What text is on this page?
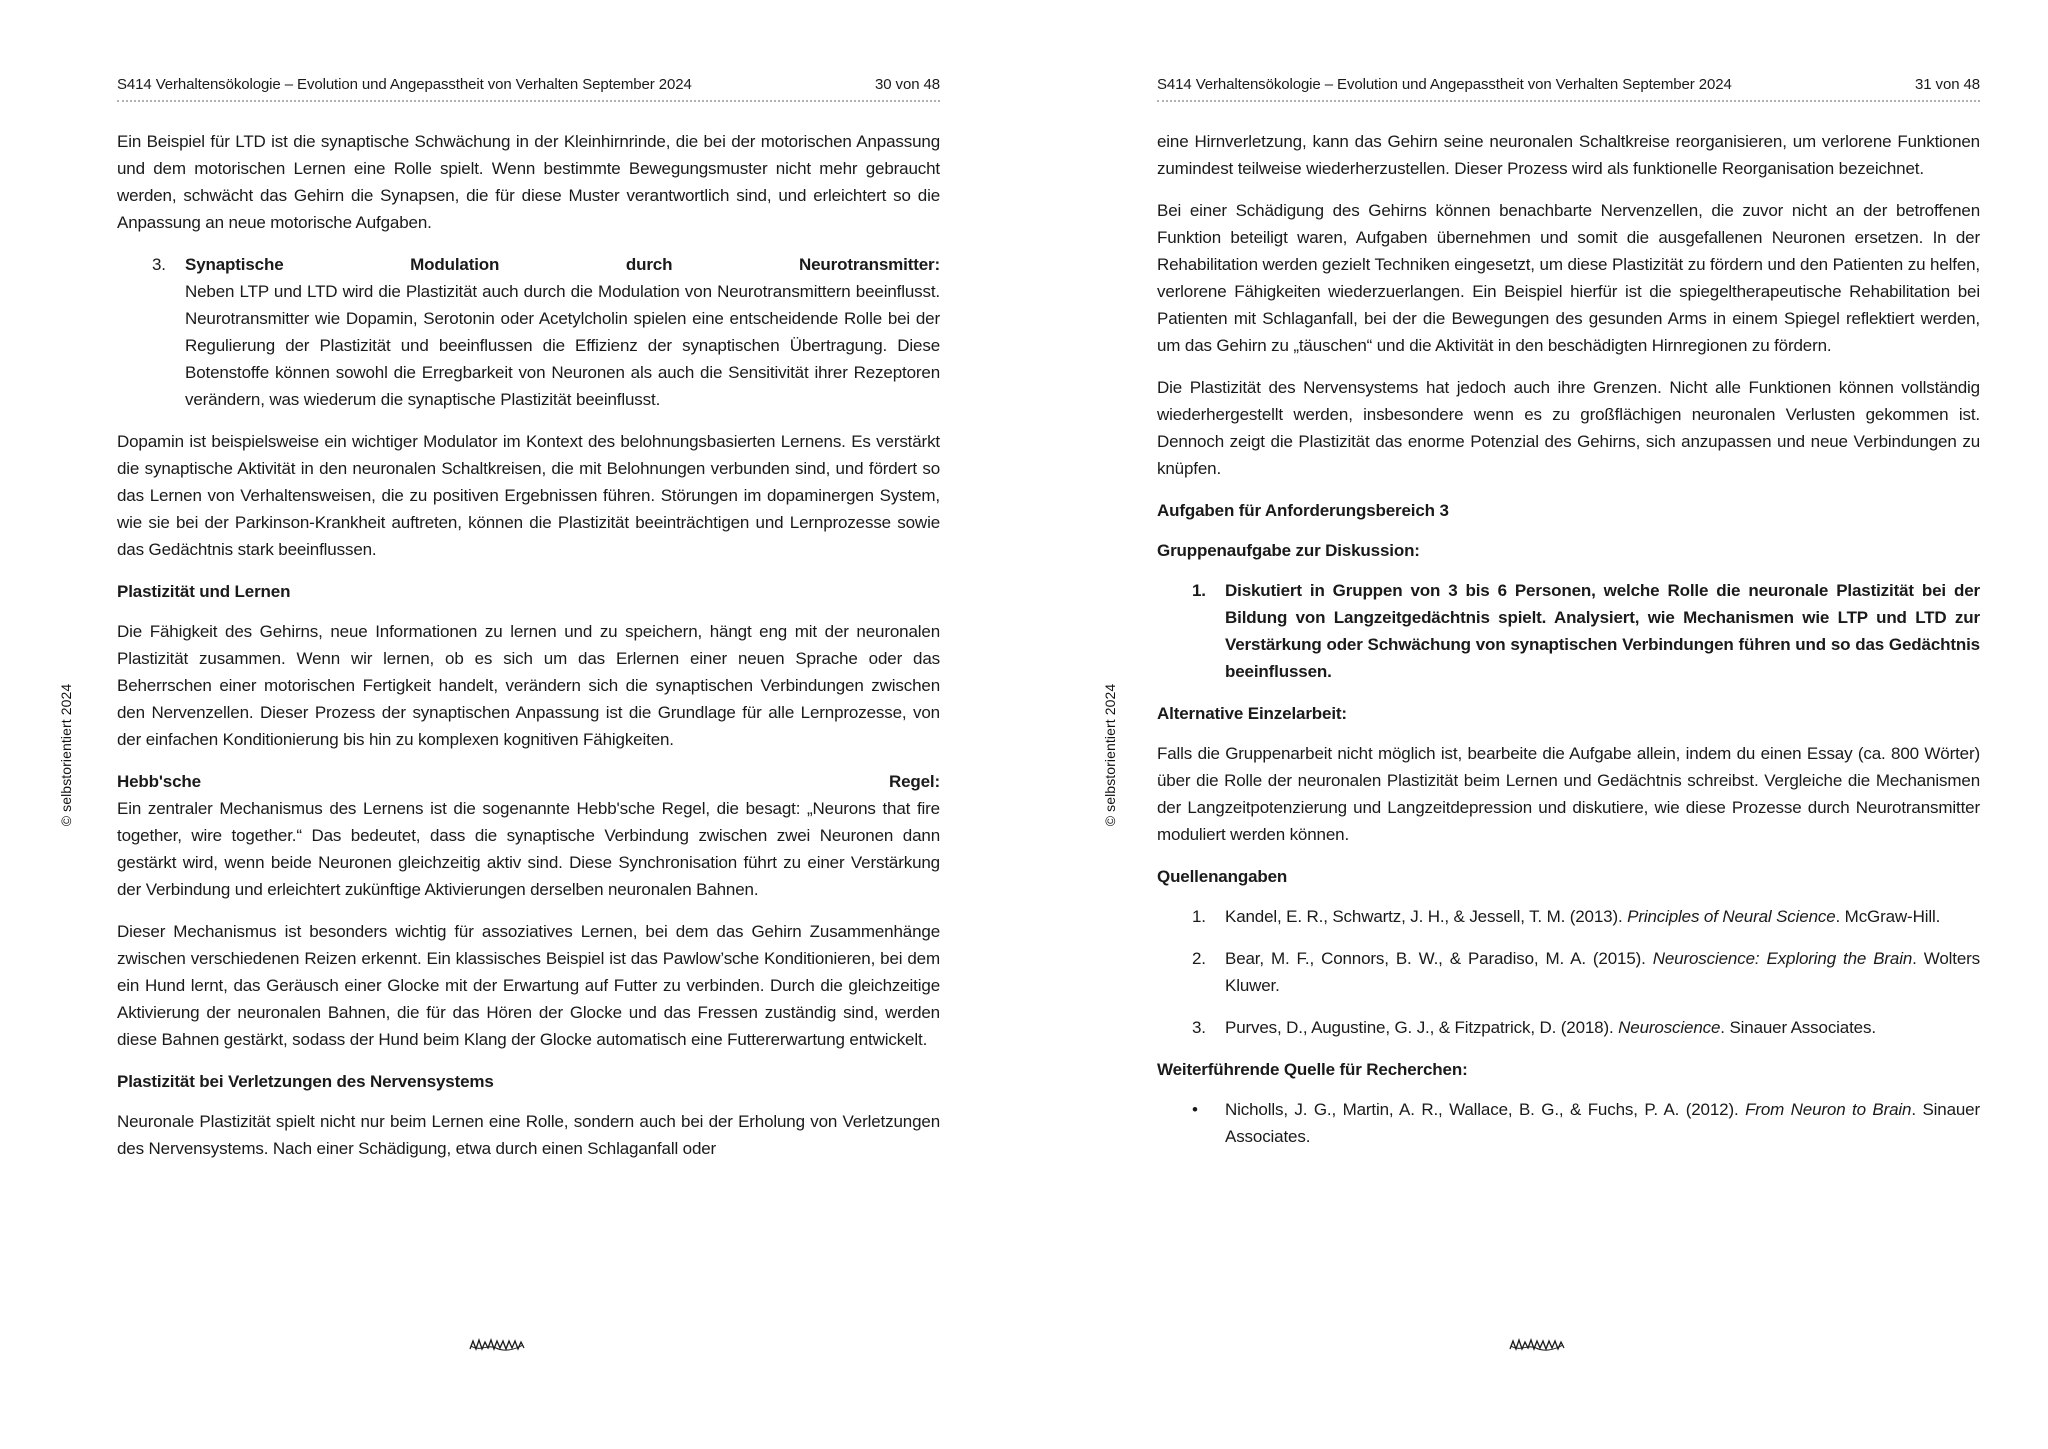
© selbstorientiert 2024
S414 Verhaltensökologie – Evolution und Angepasstheit von Verhalten September 2024	30 von 48

Ein Beispiel für LTD ist die synaptische Schwächung in der Kleinhirnrinde, die bei der motorischen Anpassung und dem motorischen Lernen eine Rolle spielt. Wenn bestimmte Bewegungsmuster nicht mehr gebraucht werden, schwächt das Gehirn die Synapsen, die für diese Muster verantwortlich sind, und erleichtert so die Anpassung an neue motorische Aufgaben.

3.	Synaptische	Modulation	durch	Neurotransmitter:

Neben LTP und LTD wird die Plastizität auch durch die Modulation von Neurotransmittern beeinflusst. Neurotransmitter wie Dopamin, Serotonin oder Acetylcholin spielen eine entscheidende Rolle bei der Regulierung der Plastizität und beeinflussen die Effizienz der synaptischen Übertragung. Diese Botenstoffe können sowohl die Erregbarkeit von Neuronen als auch die Sensitivität ihrer Rezeptoren verändern, was wiederum die synaptische Plastizität beeinflusst.

Dopamin ist beispielsweise ein wichtiger Modulator im Kontext des belohnungsbasierten Lernens. Es verstärkt die synaptische Aktivität in den neuronalen Schaltkreisen, die mit Belohnungen verbunden sind, und fördert so das Lernen von Verhaltensweisen, die zu positiven Ergebnissen führen. Störungen im dopaminergen System, wie sie bei der Parkinson-Krankheit auftreten, können die Plastizität beeinträchtigen und Lernprozesse sowie das Gedächtnis stark beeinflussen.

Plastizität und Lernen

Die Fähigkeit des Gehirns, neue Informationen zu lernen und zu speichern, hängt eng mit der neuronalen Plastizität zusammen. Wenn wir lernen, ob es sich um das Erlernen einer neuen Sprache oder das Beherrschen einer motorischen Fertigkeit handelt, verändern sich die synaptischen Verbindungen zwischen den Nervenzellen. Dieser Prozess der synaptischen Anpassung ist die Grundlage für alle Lernprozesse, von der einfachen Konditionierung bis hin zu komplexen kognitiven Fähigkeiten.

Hebb'sche	Regel:

Ein zentraler Mechanismus des Lernens ist die sogenannte Hebb'sche Regel, die besagt: „Neurons that fire together, wire together.“ Das bedeutet, dass die synaptische Verbindung zwischen zwei Neuronen dann gestärkt wird, wenn beide Neuronen gleichzeitig aktiv sind. Diese Synchronisation führt zu einer Verstärkung der Verbindung und erleichtert zukünftige Aktivierungen derselben neuronalen Bahnen.

Dieser Mechanismus ist besonders wichtig für assoziatives Lernen, bei dem das Gehirn Zusammenhänge zwischen verschiedenen Reizen erkennt. Ein klassisches Beispiel ist das Pawlow’sche Konditionieren, bei dem ein Hund lernt, das Geräusch einer Glocke mit der Erwartung auf Futter zu verbinden. Durch die gleichzeitige Aktivierung der neuronalen Bahnen, die für das Hören der Glocke und das Fressen zuständig sind, werden diese Bahnen gestärkt, sodass der Hund beim Klang der Glocke automatisch eine Futtererwartung entwickelt.

Plastizität bei Verletzungen des Nervensystems

Neuronale Plastizität spielt nicht nur beim Lernen eine Rolle, sondern auch bei der Erholung von Verletzungen des Nervensystems. Nach einer Schädigung, etwa durch einen Schlaganfall oder

© selbstorientiert 2024
S414 Verhaltensökologie – Evolution und Angepasstheit von Verhalten September 2024	31 von 48

eine Hirnverletzung, kann das Gehirn seine neuronalen Schaltkreise reorganisieren, um verlorene Funktionen zumindest teilweise wiederherzustellen. Dieser Prozess wird als funktionelle Reorganisation bezeichnet.

Bei einer Schädigung des Gehirns können benachbarte Nervenzellen, die zuvor nicht an der betroffenen Funktion beteiligt waren, Aufgaben übernehmen und somit die ausgefallenen Neuronen ersetzen. In der Rehabilitation werden gezielt Techniken eingesetzt, um diese Plastizität zu fördern und den Patienten zu helfen, verlorene Fähigkeiten wiederzuerlangen. Ein Beispiel hierfür ist die spiegeltherapeutische Rehabilitation bei Patienten mit Schlaganfall, bei der die Bewegungen des gesunden Arms in einem Spiegel reflektiert werden, um das Gehirn zu „täuschen“ und die Aktivität in den beschädigten Hirnregionen zu fördern.

Die Plastizität des Nervensystems hat jedoch auch ihre Grenzen. Nicht alle Funktionen können vollständig wiederhergestellt werden, insbesondere wenn es zu großflächigen neuronalen Verlusten gekommen ist. Dennoch zeigt die Plastizität das enorme Potenzial des Gehirns, sich anzupassen und neue Verbindungen zu knüpfen.

Aufgaben für Anforderungsbereich 3
Gruppenaufgabe zur Diskussion:
1.	Diskutiert in Gruppen von 3 bis 6 Personen, welche Rolle die neuronale Plastizität bei der Bildung von Langzeitgedächtnis spielt. Analysiert, wie Mechanismen wie LTP und LTD zur Verstärkung oder Schwächung von synaptischen Verbindungen führen und so das Gedächtnis beeinflussen.

Alternative Einzelarbeit:

Falls die Gruppenarbeit nicht möglich ist, bearbeite die Aufgabe allein, indem du einen Essay (ca. 800 Wörter) über die Rolle der neuronalen Plastizität beim Lernen und Gedächtnis schreibst. Vergleiche die Mechanismen der Langzeitpotenzierung und Langzeitdepression und diskutiere, wie diese Prozesse durch Neurotransmitter moduliert werden können.

Quellenangaben
1.	Kandel, E. R., Schwartz, J. H., & Jessell, T. M. (2013). Principles of Neural Science. McGraw-Hill.

2.	Bear, M. F., Connors, B. W., & Paradiso, M. A. (2015). Neuroscience: Exploring the Brain. Wolters Kluwer.

3.	Purves, D., Augustine, G. J., & Fitzpatrick, D. (2018). Neuroscience. Sinauer Associates.

Weiterführende Quelle für Recherchen:
•	Nicholls, J. G., Martin, A. R., Wallace, B. G., & Fuchs, P. A. (2012). From Neuron to Brain. Sinauer Associates.
